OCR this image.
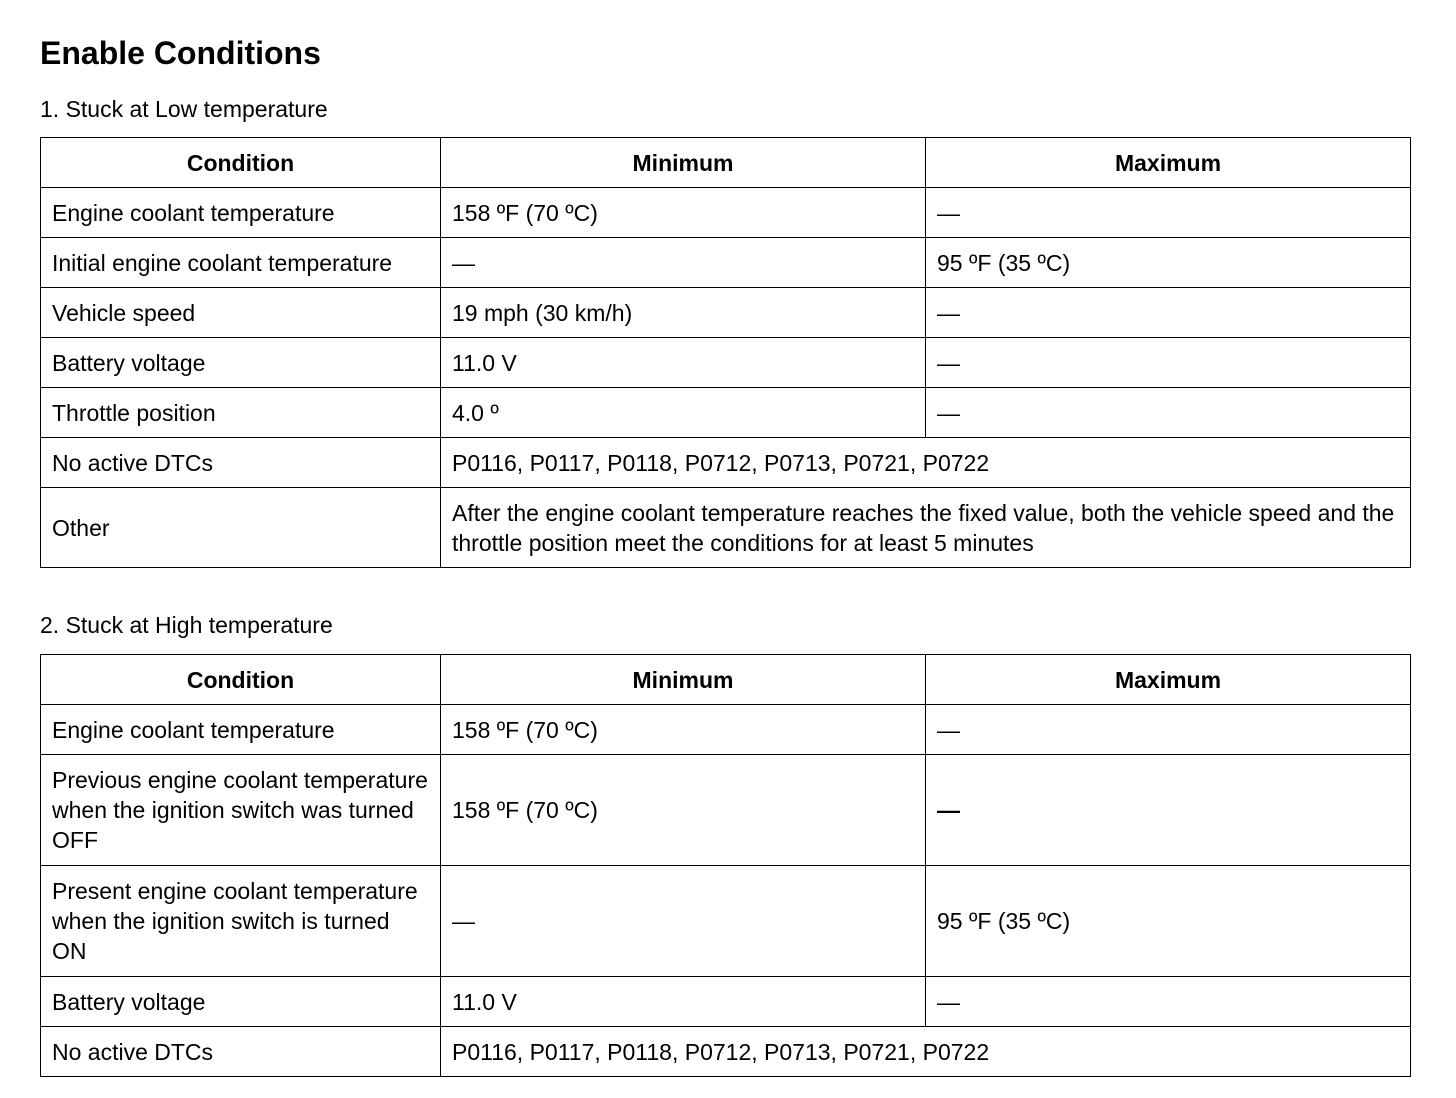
Enable Conditions
1. Stuck at Low temperature
Condition	Minimum	Maximum
Engine coolant temperature	158 ºF (70 ºC)	—
Initial engine coolant temperature	—	95 ºF (35 ºC)
Vehicle speed	19 mph (30 km/h)	—
Battery voltage	11.0 V	—
Throttle position	4.0 º	—
No active DTCs	P0116, P0117, P0118, P0712, P0713, P0721, P0722	
Other	After the engine coolant temperature reaches the fixed value, both the vehicle speed and the throttle position meet the conditions for at least 5 minutes	
2. Stuck at High temperature
Condition	Minimum	Maximum
Engine coolant temperature	158 ºF (70 ºC)	—
Previous engine coolant temperature when the ignition switch was turned OFF	158 ºF (70 ºC)	—
Present engine coolant temperature when the ignition switch is turned ON	—	95 ºF (35 ºC)
Battery voltage	11.0 V	—
No active DTCs	P0116, P0117, P0118, P0712, P0713, P0721, P0722	
